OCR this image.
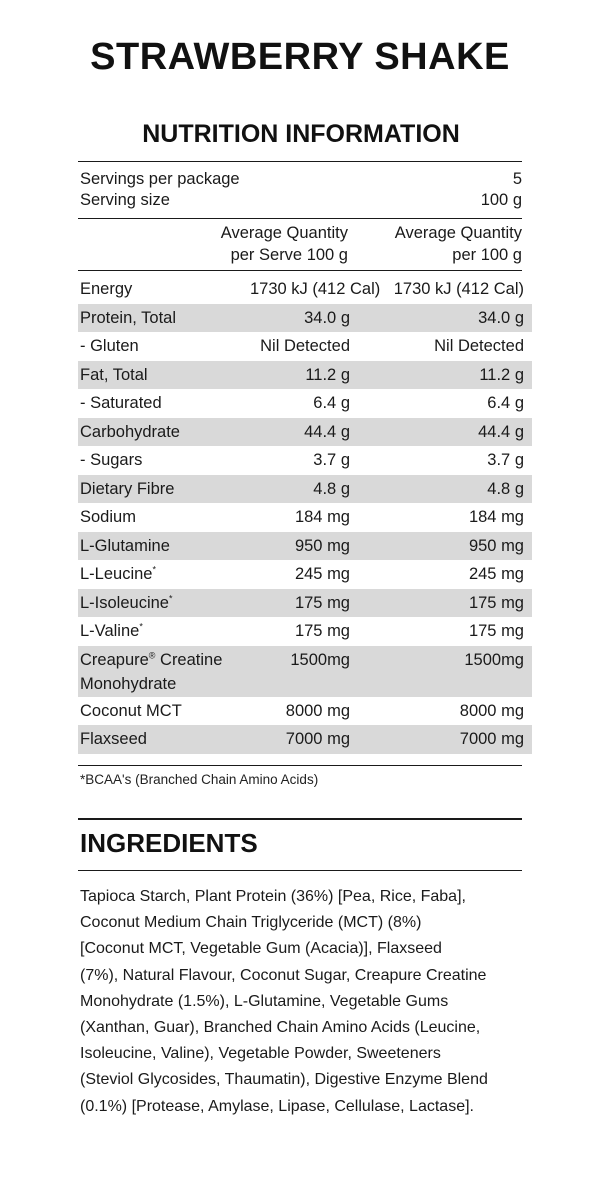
STRAWBERRY SHAKE
NUTRITION INFORMATION
Servings per package	5
Serving size	100 g
Average Quantity
per Serve 100 g
Average Quantity
per 100 g
Energy	1730 kJ (412 Cal) 1730 kJ (412 Cal)
Protein, Total	34.0 g	34.0 g
- Gluten	Nil Detected	Nil Detected
Fat, Total	11.2 g	11.2 g
- Saturated	6.4 g	6.4 g
Carbohydrate	44.4 g	44.4 g
- Sugars	3.7 g	3.7 g
Dietary Fibre	4.8 g	4.8 g
Sodium	184 mg	184 mg
L-Glutamine	950 mg	950 mg
L-Leucine*	245 mg	245 mg
L-Isoleucine*	175 mg	175 mg
L-Valine*	175 mg	175 mg
Creapure® Creatine
Monohydrate
1500mg	1500mg
Coconut MCT	8000 mg	8000 mg
Flaxseed	7000 mg	7000 mg
*BCAA's (Branched Chain Amino Acids)
INGREDIENTS
Tapioca Starch, Plant Protein (36%) [Pea, Rice, Faba],
Coconut Medium Chain Triglyceride (MCT) (8%)
[Coconut MCT, Vegetable Gum (Acacia)], Flaxseed
(7%), Natural Flavour, Coconut Sugar, Creapure Creatine
Monohydrate (1.5%), L-Glutamine, Vegetable Gums
(Xanthan, Guar), Branched Chain Amino Acids (Leucine,
Isoleucine, Valine), Vegetable Powder, Sweeteners
(Steviol Glycosides, Thaumatin), Digestive Enzyme Blend
(0.1%) [Protease, Amylase, Lipase, Cellulase, Lactase].
